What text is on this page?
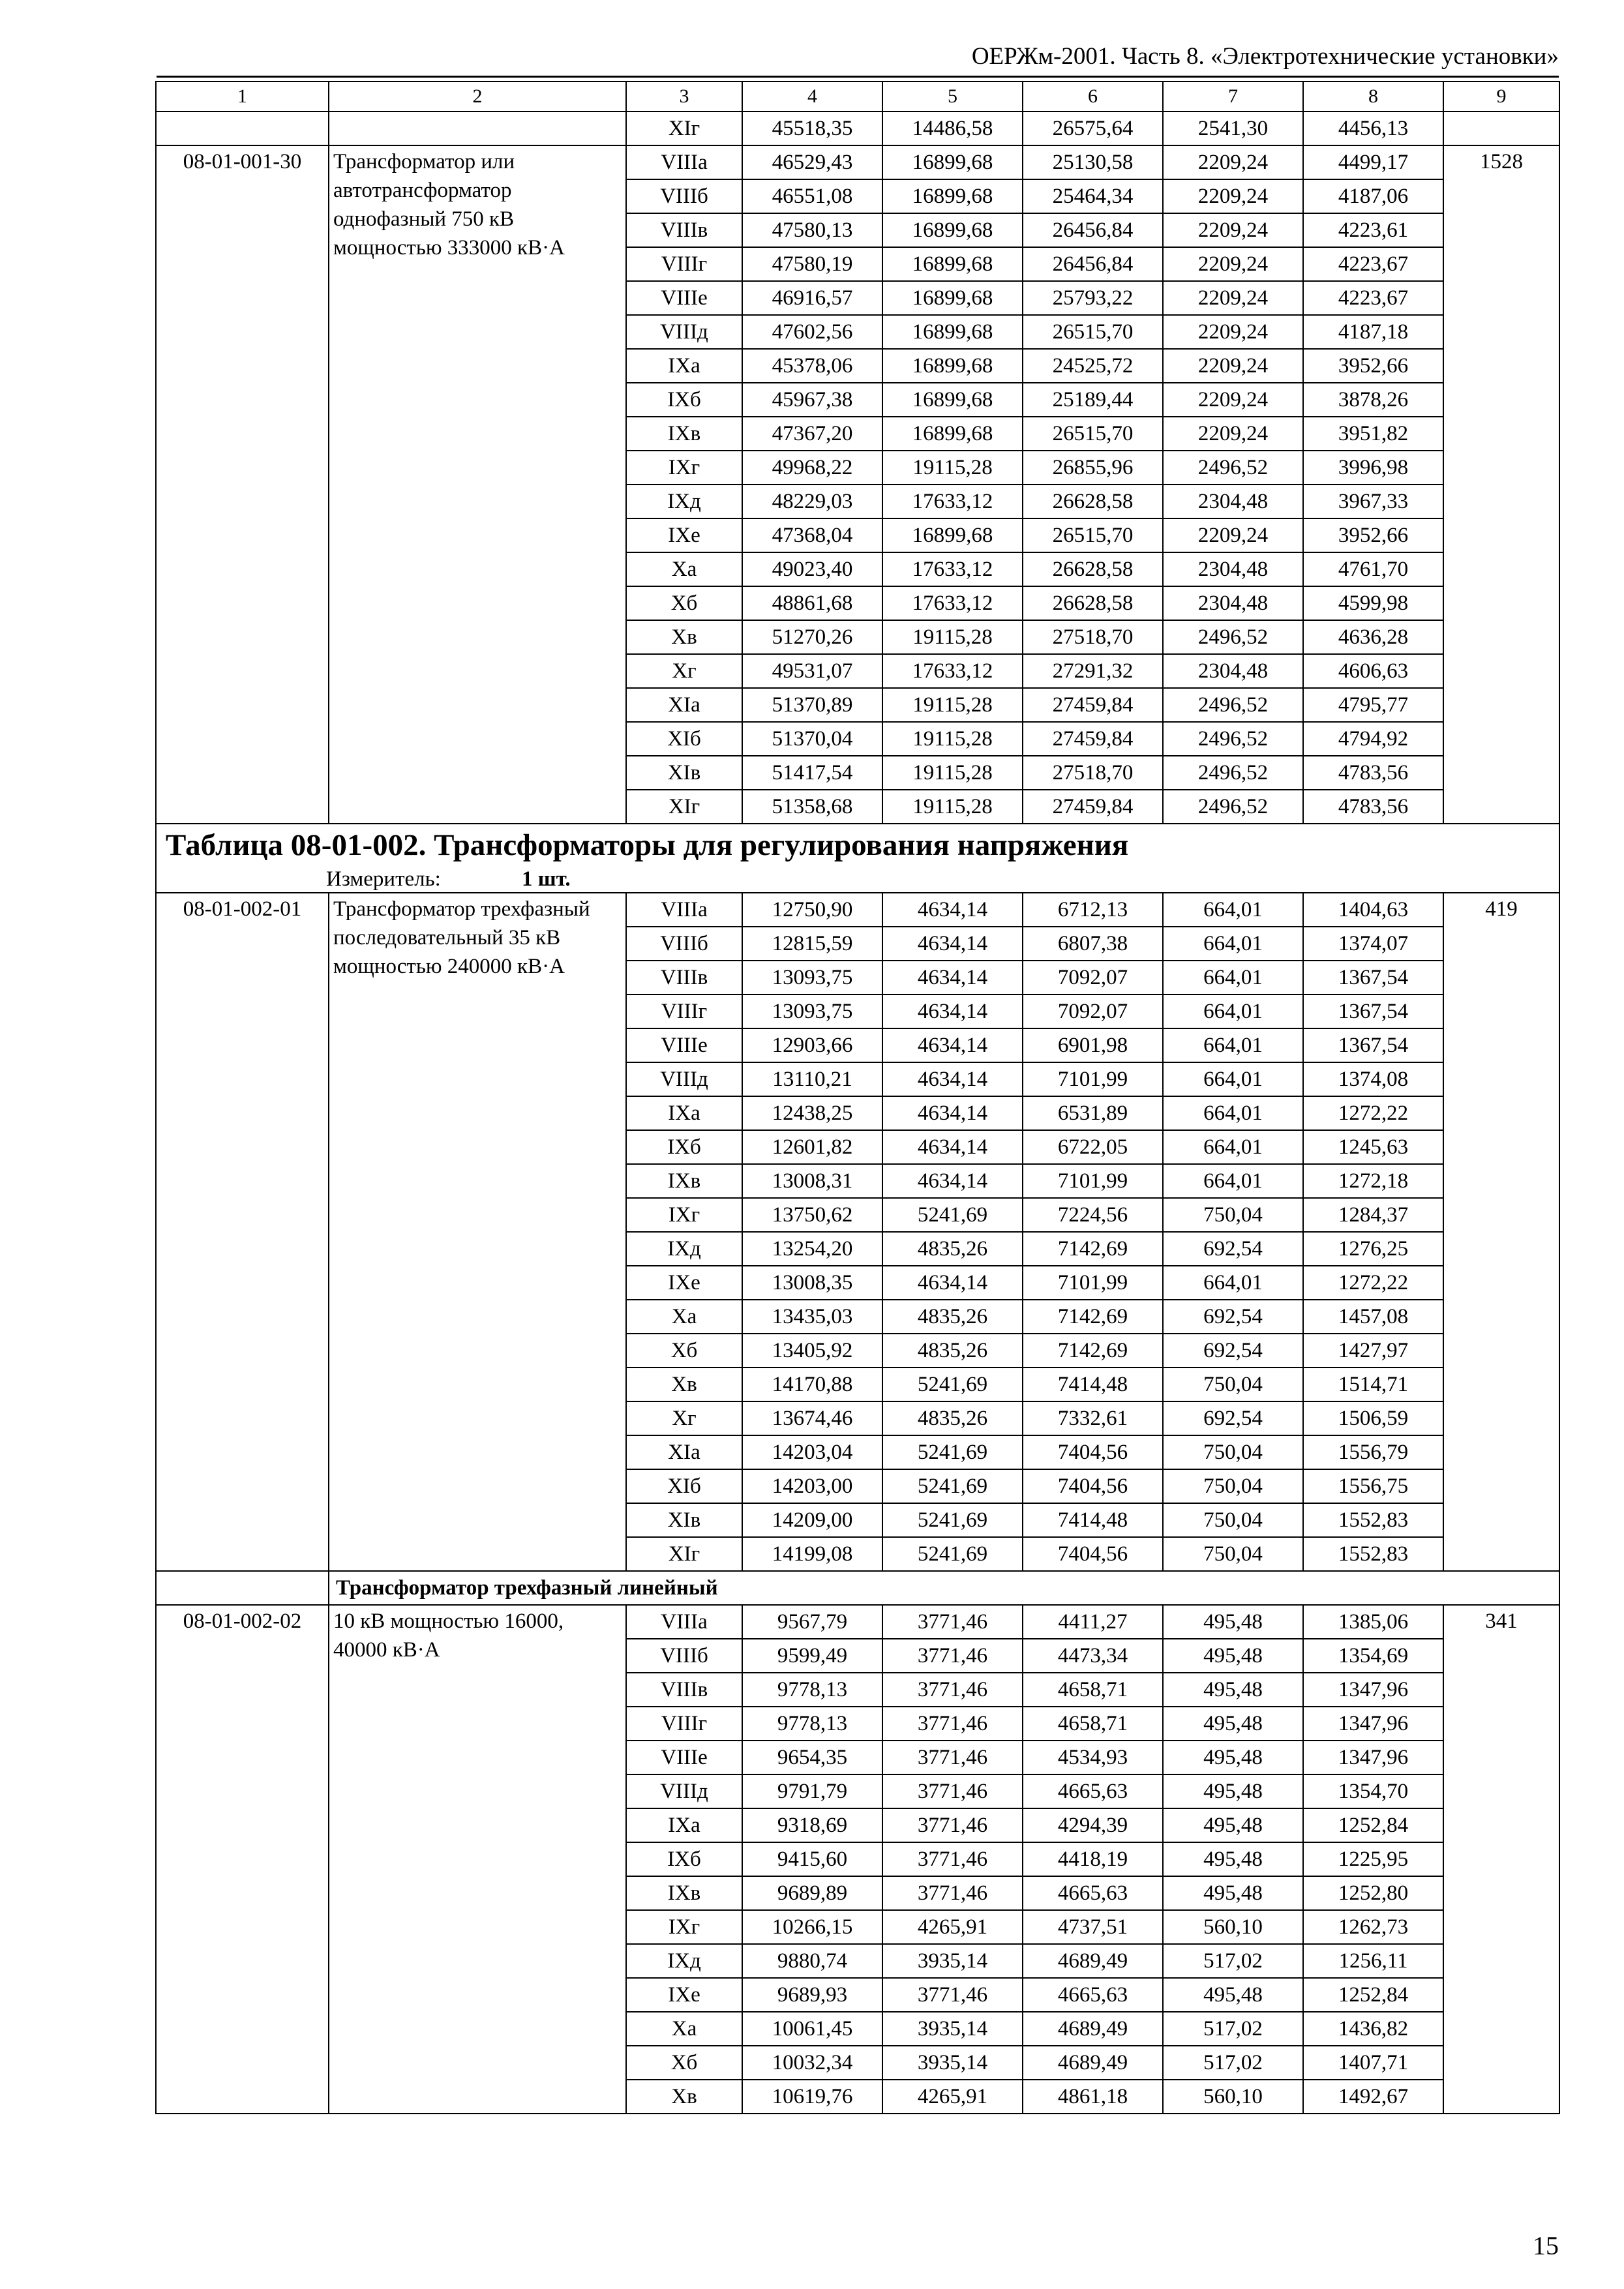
ОЕРЖм-2001. Часть 8. «Электротехнические установки»
1	2	3	4	5	6	7	8	9
		XIг	45518,35	14486,58	26575,64	2541,30	4456,13	
08-01-001-30	Трансформатор или автотрансформатор однофазный 750 кВ мощностью 333000 кВ·А	VIIIа	46529,43	16899,68	25130,58	2209,24	4499,17	1528
		VIIIб	46551,08	16899,68	25464,34	2209,24	4187,06	
		VIIIв	47580,13	16899,68	26456,84	2209,24	4223,61	
		VIIIг	47580,19	16899,68	26456,84	2209,24	4223,67	
		VIIIе	46916,57	16899,68	25793,22	2209,24	4223,67	
		VIIIд	47602,56	16899,68	26515,70	2209,24	4187,18	
		IXа	45378,06	16899,68	24525,72	2209,24	3952,66	
		IXб	45967,38	16899,68	25189,44	2209,24	3878,26	
		IXв	47367,20	16899,68	26515,70	2209,24	3951,82	
		IXг	49968,22	19115,28	26855,96	2496,52	3996,98	
		IXд	48229,03	17633,12	26628,58	2304,48	3967,33	
		IXе	47368,04	16899,68	26515,70	2209,24	3952,66	
		Xа	49023,40	17633,12	26628,58	2304,48	4761,70	
		Xб	48861,68	17633,12	26628,58	2304,48	4599,98	
		Xв	51270,26	19115,28	27518,70	2496,52	4636,28	
		Xг	49531,07	17633,12	27291,32	2304,48	4606,63	
		XIа	51370,89	19115,28	27459,84	2496,52	4795,77	
		XIб	51370,04	19115,28	27459,84	2496,52	4794,92	
		XIв	51417,54	19115,28	27518,70	2496,52	4783,56	
		XIг	51358,68	19115,28	27459,84	2496,52	4783,56	
Таблица 08-01-002. Трансформаторы для регулирования напряжения								
Измеритель: 1 шт.								
08-01-002-01	Трансформатор трехфазный последовательный 35 кВ мощностью 240000 кВ·А	VIIIа	12750,90	4634,14	6712,13	664,01	1404,63	419
		VIIIб	12815,59	4634,14	6807,38	664,01	1374,07	
		VIIIв	13093,75	4634,14	7092,07	664,01	1367,54	
		VIIIг	13093,75	4634,14	7092,07	664,01	1367,54	
		VIIIе	12903,66	4634,14	6901,98	664,01	1367,54	
		VIIIд	13110,21	4634,14	7101,99	664,01	1374,08	
		IXа	12438,25	4634,14	6531,89	664,01	1272,22	
		IXб	12601,82	4634,14	6722,05	664,01	1245,63	
		IXв	13008,31	4634,14	7101,99	664,01	1272,18	
		IXг	13750,62	5241,69	7224,56	750,04	1284,37	
		IXд	13254,20	4835,26	7142,69	692,54	1276,25	
		IXе	13008,35	4634,14	7101,99	664,01	1272,22	
		Xа	13435,03	4835,26	7142,69	692,54	1457,08	
		Xб	13405,92	4835,26	7142,69	692,54	1427,97	
		Xв	14170,88	5241,69	7414,48	750,04	1514,71	
		Xг	13674,46	4835,26	7332,61	692,54	1506,59	
		XIа	14203,04	5241,69	7404,56	750,04	1556,79	
		XIб	14203,00	5241,69	7404,56	750,04	1556,75	
		XIв	14209,00	5241,69	7414,48	750,04	1552,83	
		XIг	14199,08	5241,69	7404,56	750,04	1552,83	
	Трансформатор трехфазный линейный							
08-01-002-02	10 кВ мощностью 16000, 40000 кВ·А	VIIIа	9567,79	3771,46	4411,27	495,48	1385,06	341
		VIIIб	9599,49	3771,46	4473,34	495,48	1354,69	
		VIIIв	9778,13	3771,46	4658,71	495,48	1347,96	
		VIIIг	9778,13	3771,46	4658,71	495,48	1347,96	
		VIIIе	9654,35	3771,46	4534,93	495,48	1347,96	
		VIIIд	9791,79	3771,46	4665,63	495,48	1354,70	
		IXа	9318,69	3771,46	4294,39	495,48	1252,84	
		IXб	9415,60	3771,46	4418,19	495,48	1225,95	
		IXв	9689,89	3771,46	4665,63	495,48	1252,80	
		IXг	10266,15	4265,91	4737,51	560,10	1262,73	
		IXд	9880,74	3935,14	4689,49	517,02	1256,11	
		IXе	9689,93	3771,46	4665,63	495,48	1252,84	
		Xа	10061,45	3935,14	4689,49	517,02	1436,82	
		Xб	10032,34	3935,14	4689,49	517,02	1407,71	
		Xв	10619,76	4265,91	4861,18	560,10	1492,67	
15
